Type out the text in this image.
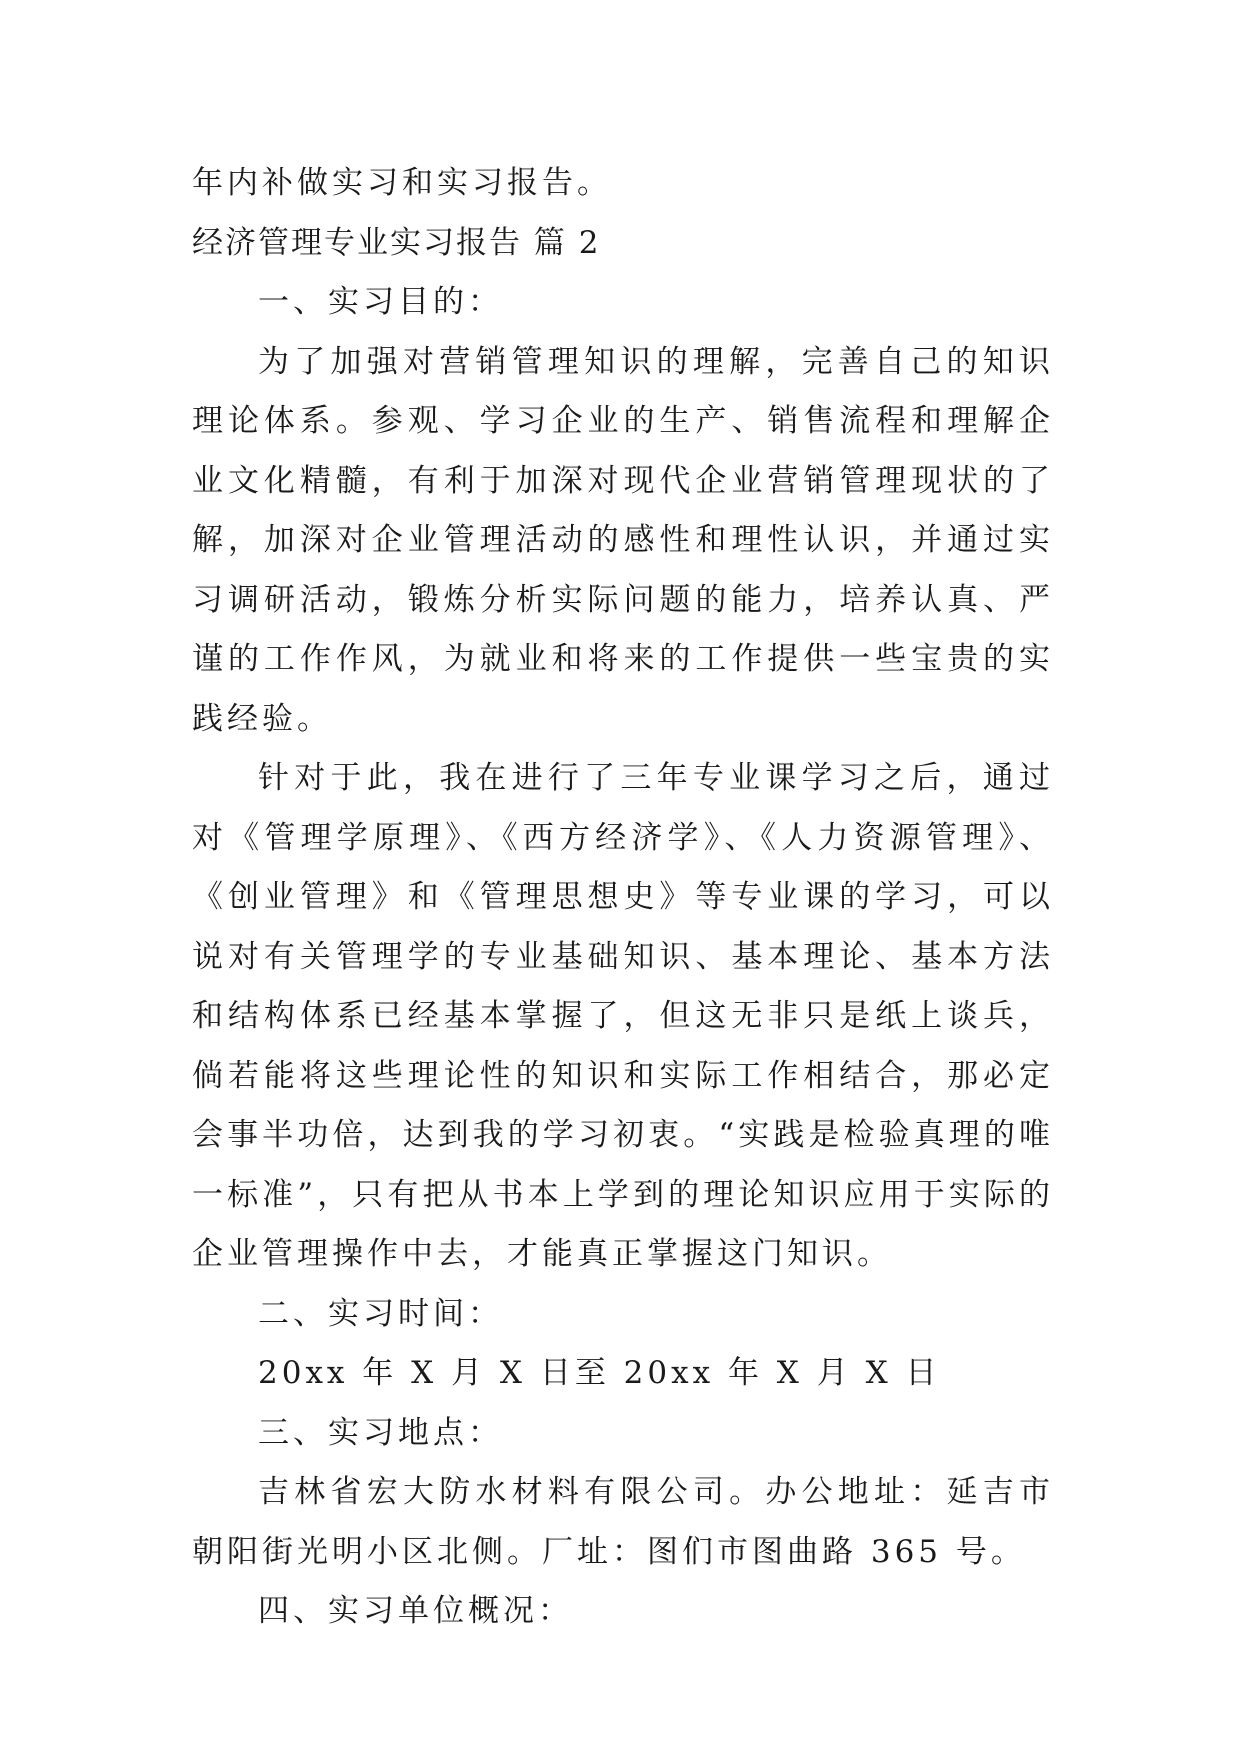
年内补做实习和实习报告。

经济管理专业实习报告 篇 2

一、实习目的：

为了加强对营销管理知识的理解，完善自己的知识理论体系。参观、学习企业的生产、销售流程和理解企业文化精髓，有利于加深对现代企业营销管理现状的了解，加深对企业管理活动的感性和理性认识，并通过实习调研活动，锻炼分析实际问题的能力，培养认真、严谨的工作作风，为就业和将来的工作提供一些宝贵的实践经验。

针对于此，我在进行了三年专业课学习之后，通过对《管理学原理》、《西方经济学》、《人力资源管理》、《创业管理》和《管理思想史》等专业课的学习，可以说对有关管理学的专业基础知识、基本理论、基本方法和结构体系已经基本掌握了，但这无非只是纸上谈兵，倘若能将这些理论性的知识和实际工作相结合，那必定会事半功倍，达到我的学习初衷。“实践是检验真理的唯一标准”，只有把从书本上学到的理论知识应用于实际的企业管理操作中去，才能真正掌握这门知识。

二、实习时间：

20xx 年 X 月 X 日至 20xx 年 X 月 X 日

三、实习地点：

吉林省宏大防水材料有限公司。办公地址：延吉市朝阳街光明小区北侧。厂址：图们市图曲路 365 号。

四、实习单位概况：
